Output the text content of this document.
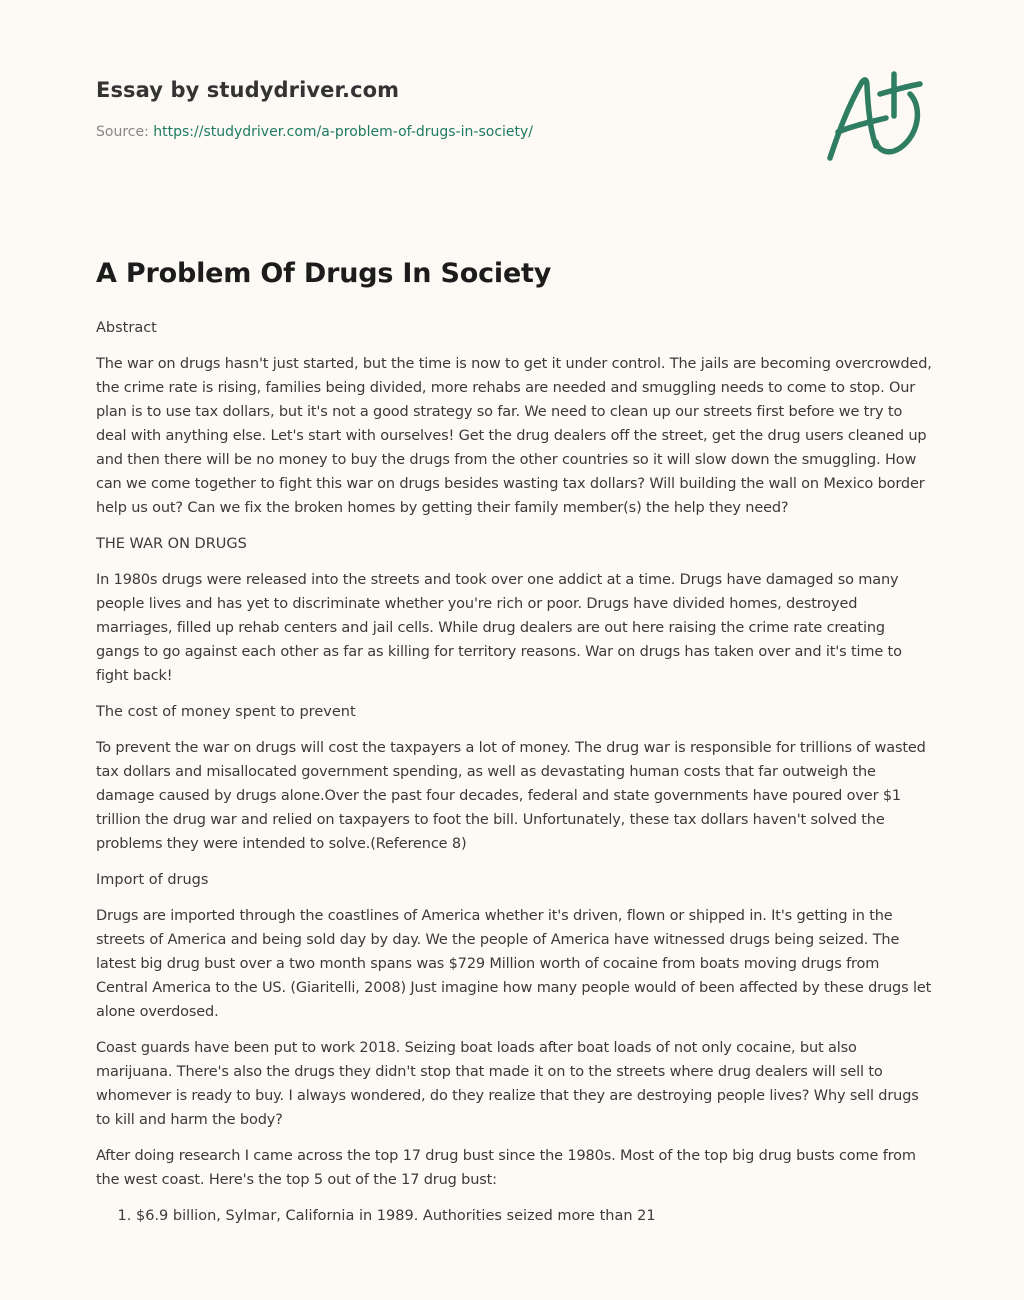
Essay by studydriver.com
Source: https://studydriver.com/a-problem-of-drugs-in-society/
A Problem Of Drugs In Society

Abstract

The war on drugs hasn't just started, but the time is now to get it under control. The jails are becoming overcrowded, the crime rate is rising, families being divided, more rehabs are needed and smuggling needs to come to stop. Our plan is to use tax dollars, but it's not a good strategy so far. We need to clean up our streets first before we try to deal with anything else. Let's start with ourselves! Get the drug dealers off the street, get the drug users cleaned up and then there will be no money to buy the drugs from the other countries so it will slow down the smuggling. How can we come together to fight this war on drugs besides wasting tax dollars? Will building the wall on Mexico border help us out? Can we fix the broken homes by getting their family member(s) the help they need?

THE WAR ON DRUGS

In 1980s drugs were released into the streets and took over one addict at a time. Drugs have damaged so many people lives and has yet to discriminate whether you're rich or poor. Drugs have divided homes, destroyed marriages, filled up rehab centers and jail cells. While drug dealers are out here raising the crime rate creating gangs to go against each other as far as killing for territory reasons. War on drugs has taken over and it's time to fight back!

The cost of money spent to prevent

To prevent the war on drugs will cost the taxpayers a lot of money. The drug war is responsible for trillions of wasted tax dollars and misallocated government spending, as well as devastating human costs that far outweigh the damage caused by drugs alone.Over the past four decades, federal and state governments have poured over $1 trillion the drug war and relied on taxpayers to foot the bill. Unfortunately, these tax dollars haven't solved the problems they were intended to solve.(Reference 8)

Import of drugs

Drugs are imported through the coastlines of America whether it's driven, flown or shipped in. It's getting in the streets of America and being sold day by day. We the people of America have witnessed drugs being seized. The latest big drug bust over a two month spans was $729 Million worth of cocaine from boats moving drugs from Central America to the US. (Giaritelli, 2008) Just imagine how many people would of been affected by these drugs let alone overdosed.

Coast guards have been put to work 2018. Seizing boat loads after boat loads of not only cocaine, but also marijuana. There's also the drugs they didn't stop that made it on to the streets where drug dealers will sell to whomever is ready to buy. I always wondered, do they realize that they are destroying people lives? Why sell drugs to kill and harm the body?

After doing research I came across the top 17 drug bust since the 1980s. Most of the top big drug busts come from the west coast. Here's the top 5 out of the 17 drug bust:

1. $6.9 billion, Sylmar, California in 1989. Authorities seized more than 21
